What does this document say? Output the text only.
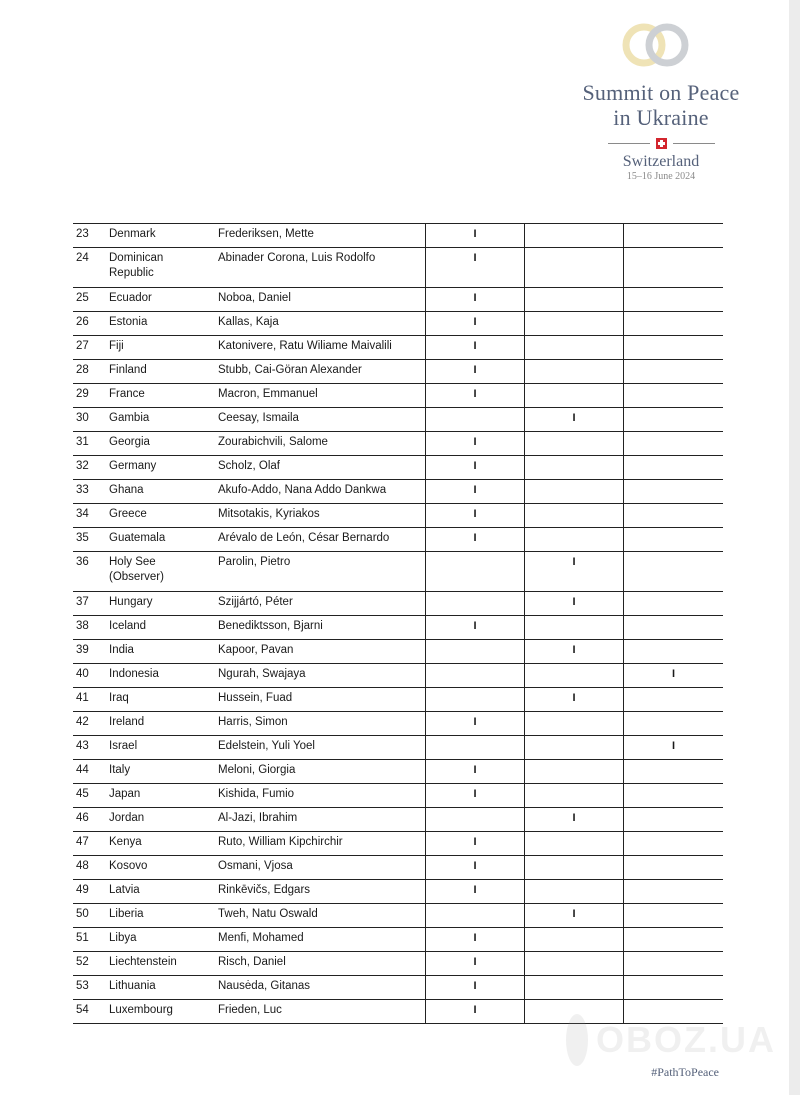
Summit on Peace
in Ukraine
Switzerland
15–16 June 2024
23	Denmark	Frederiksen, Mette	I		
24	Dominican Republic	Abinader Corona, Luis Rodolfo	I		
25	Ecuador	Noboa, Daniel	I		
26	Estonia	Kallas, Kaja	I		
27	Fiji	Katonivere, Ratu Wiliame Maivalili	I		
28	Finland	Stubb, Cai-Göran Alexander	I		
29	France	Macron, Emmanuel	I		
30	Gambia	Ceesay, Ismaila		I	
31	Georgia	Zourabichvili, Salome	I		
32	Germany	Scholz, Olaf	I		
33	Ghana	Akufo-Addo, Nana Addo Dankwa	I		
34	Greece	Mitsotakis, Kyriakos	I		
35	Guatemala	Arévalo de León, César Bernardo	I		
36	Holy See (Observer)	Parolin, Pietro		I	
37	Hungary	Szijjártó, Péter		I	
38	Iceland	Benediktsson, Bjarni	I		
39	India	Kapoor, Pavan		I	
40	Indonesia	Ngurah, Swajaya			I
41	Iraq	Hussein, Fuad		I	
42	Ireland	Harris, Simon	I		
43	Israel	Edelstein, Yuli Yoel			I
44	Italy	Meloni, Giorgia	I		
45	Japan	Kishida, Fumio	I		
46	Jordan	Al-Jazi, Ibrahim		I	
47	Kenya	Ruto, William Kipchirchir	I		
48	Kosovo	Osmani, Vjosa	I		
49	Latvia	Rinkēvičs, Edgars	I		
50	Liberia	Tweh, Natu Oswald		I	
51	Libya	Menfi, Mohamed	I		
52	Liechtenstein	Risch, Daniel	I		
53	Lithuania	Nausėda, Gitanas	I		
54	Luxembourg	Frieden, Luc	I		
OBOZ.UA
#PathToPeace
